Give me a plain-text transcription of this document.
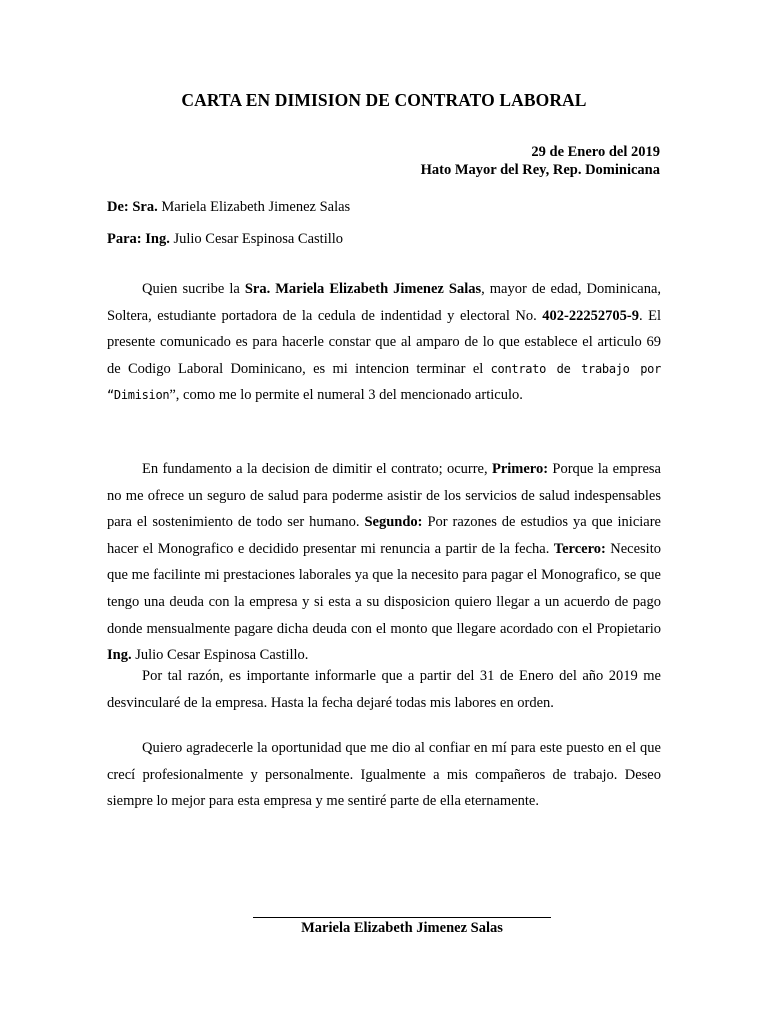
CARTA EN DIMISION DE CONTRATO LABORAL
29 de Enero del 2019
Hato Mayor del Rey, Rep. Dominicana
De: Sra. Mariela Elizabeth Jimenez Salas
Para: Ing. Julio Cesar Espinosa Castillo

Quien sucribe la Sra. Mariela Elizabeth Jimenez Salas, mayor de edad, Dominicana, Soltera, estudiante portadora de la cedula de indentidad y electoral No. 402-22252705-9. El presente comunicado es para hacerle constar que al amparo de lo que establece el articulo 69 de Codigo Laboral Dominicano, es mi intencion terminar el contrato de trabajo por “Dimision”, como me lo permite el numeral 3 del mencionado articulo.

En fundamento a la decision de dimitir el contrato; ocurre, Primero: Porque la empresa no me ofrece un seguro de salud para poderme asistir de los servicios de salud indespensables para el sostenimiento de todo ser humano. Segundo: Por razones de estudios ya que iniciare hacer el Monografico e decidido presentar mi renuncia a partir de la fecha. Tercero: Necesito que me facilinte mi prestaciones laborales ya que la necesito para pagar el Monografico, se que tengo una deuda con la empresa y si esta a su disposicion quiero llegar a un acuerdo de pago donde mensualmente pagare dicha deuda con el monto que llegare acordado con el Propietario Ing. Julio Cesar Espinosa Castillo.

Por tal razón, es importante informarle que a partir del 31 de Enero del año 2019 me desvincularé de la empresa. Hasta la fecha dejaré todas mis labores en orden.

Quiero agradecerle la oportunidad que me dio al confiar en mí para este puesto en el que crecí profesionalmente y personalmente. Igualmente a mis compañeros de trabajo. Deseo siempre lo mejor para esta empresa y me sentiré parte de ella eternamente.

Mariela Elizabeth Jimenez Salas
